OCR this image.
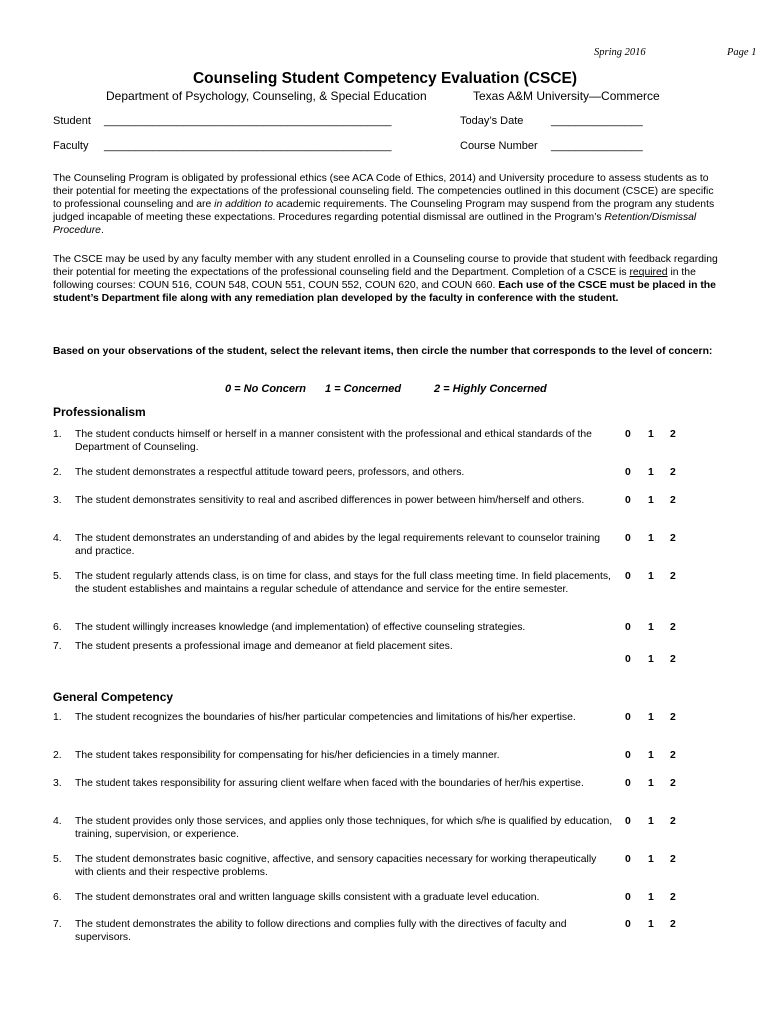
Spring 2016	Page 1
Counseling Student Competency Evaluation (CSCE)
Department of Psychology, Counseling, & Special Education	Texas A&M University—Commerce
Student _______________________________________________	Today’s Date	_______________
Faculty _______________________________________________	Course Number _______________

The Counseling Program is obligated by professional ethics (see ACA Code of Ethics, 2014) and University procedure to assess students as to their potential for meeting the expectations of the professional counseling field. The competencies outlined in this document (CSCE) are specific to professional counseling and are in addition to academic requirements. The Counseling Program may suspend from the program any students judged incapable of meeting these expectations. Procedures regarding potential dismissal are outlined in the Program’s Retention/Dismissal Procedure.

The CSCE may be used by any faculty member with any student enrolled in a Counseling course to provide that student with feedback regarding their potential for meeting the expectations of the professional counseling field and the Department. Completion of a CSCE is required in the following courses: COUN 516, COUN 548, COUN 551, COUN 552, COUN 620, and COUN 660. Each use of the CSCE must be placed in the student’s Department file along with any remediation plan developed by the faculty in conference with the student.

Based on your observations of the student, select the relevant items, then circle the number that corresponds to the level of concern:
0 = No Concern 1 = Concerned	2 = Highly Concerned
Professionalism
1. The student conducts himself or herself in a manner consistent with the professional and ethical standards of the Department of Counseling.
0 1 2
2. The student demonstrates a respectful attitude toward peers, professors, and others.	0 1 2
3. The student demonstrates sensitivity to real and ascribed differences in power between him/herself and others.	0 1 2
4. The student demonstrates an understanding of and abides by the legal requirements relevant to counselor training and practice.
0 1 2
5. The student regularly attends class, is on time for class, and stays for the full class meeting time. In field placements, the student establishes and maintains a regular schedule of attendance and service for the entire semester.
0 1 2
6. The student willingly increases knowledge (and implementation) of effective counseling strategies.	0 1 2
7. The student presents a professional image and demeanor at field placement sites.
0 1 2
General Competency
1. The student recognizes the boundaries of his/her particular competencies and limitations of his/her expertise.	0 1 2
2. The student takes responsibility for compensating for his/her deficiencies in a timely manner.	0 1 2
3. The student takes responsibility for assuring client welfare when faced with the boundaries of her/his expertise.	0 1 2
4. The student provides only those services, and applies only those techniques, for which s/he is qualified by education, training, supervision, or experience.
0 1 2
5. The student demonstrates basic cognitive, affective, and sensory capacities necessary for working therapeutically with clients and their respective problems.
0 1 2
6. The student demonstrates oral and written language skills consistent with a graduate level education.	0 1 2
7. The student demonstrates the ability to follow directions and complies fully with the directives of faculty and supervisors.
0 1 2
